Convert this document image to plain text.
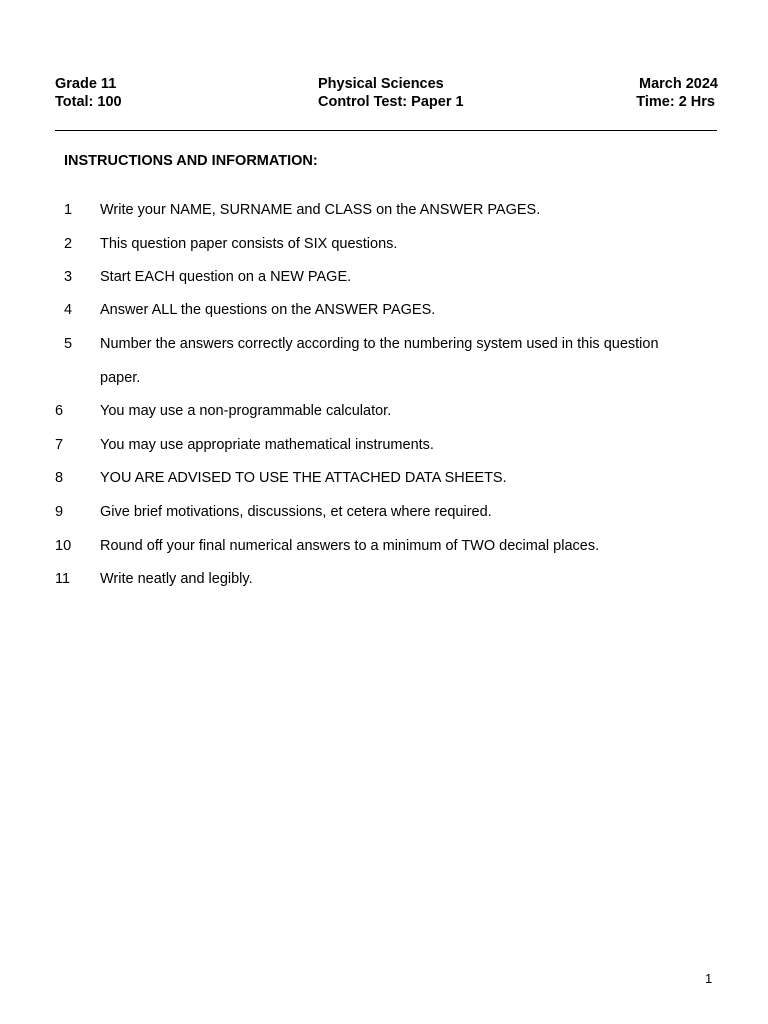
Grade 11
Total: 100
Physical Sciences
Control Test: Paper 1
March 2024
Time: 2 Hrs
INSTRUCTIONS AND INFORMATION:
1 Write your NAME, SURNAME and CLASS on the ANSWER PAGES.
2 This question paper consists of SIX questions.
3 Start EACH question on a NEW PAGE.
4 Answer ALL the questions on the ANSWER PAGES.
5 Number the answers correctly according to the numbering system used in this question
paper.
6	You may use a non-programmable calculator.
7	You may use appropriate mathematical instruments.
8	YOU ARE ADVISED TO USE THE ATTACHED DATA SHEETS.
9	Give brief motivations, discussions, et cetera where required.
10 Round off your final numerical answers to a minimum of TWO decimal places.
11 Write neatly and legibly.
1
